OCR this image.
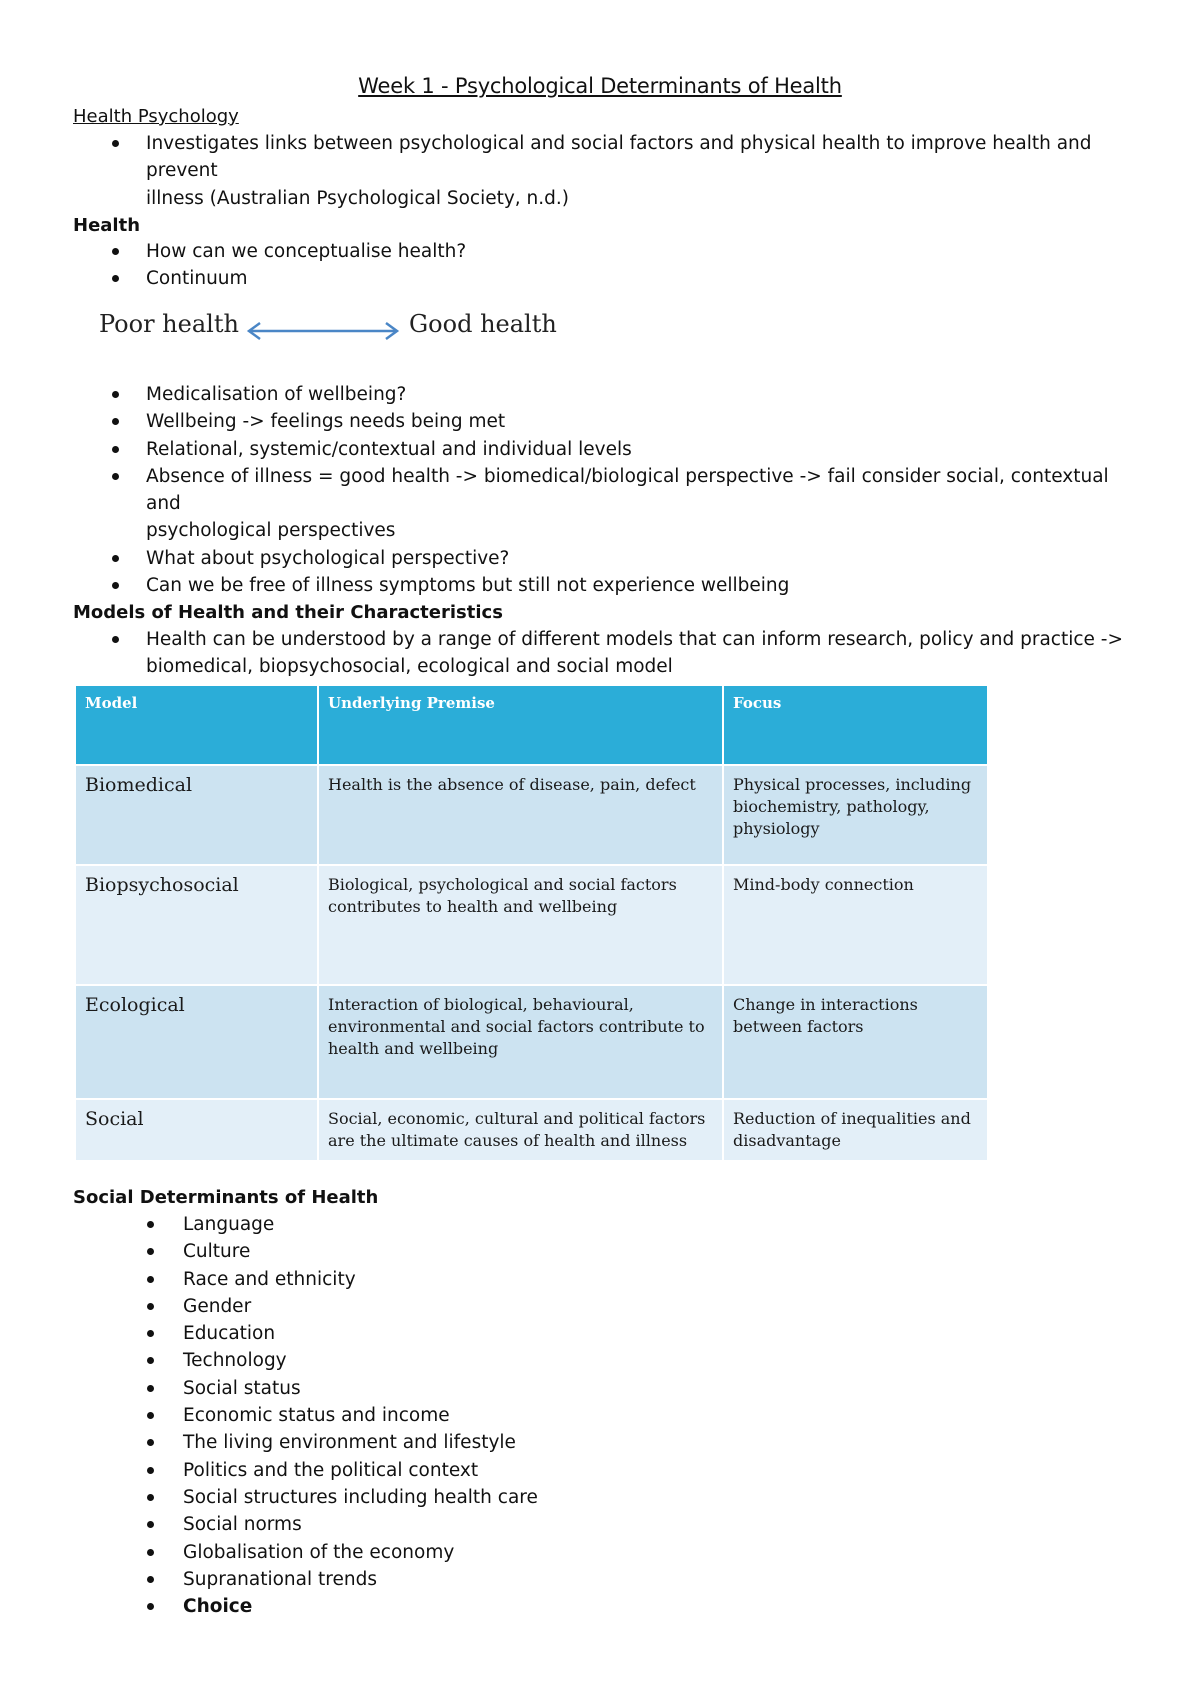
Week 1 - Psychological Determinants of Health
Health Psychology
Investigates links between psychological and social factors and physical health to improve health and prevent
illness (Australian Psychological Society, n.d.)
Health
How can we conceptualise health?
Continuum
Poor health	Good health
Medicalisation of wellbeing?
Wellbeing -> feelings needs being met
Relational, systemic/contextual and individual levels
Absence of illness = good health -> biomedical/biological perspective -> fail consider social, contextual and
psychological perspectives
What about psychological perspective?
Can we be free of illness symptoms but still not experience wellbeing
Models of Health and their Characteristics
Health can be understood by a range of different models that can inform research, policy and practice ->
biomedical, biopsychosocial, ecological and social model
Model	Underlying Premise	Focus
Biomedical	Health is the absence of disease, pain, defect	Physical processes, including biochemistry, pathology, physiology
Biopsychosocial	Biological, psychological and social factors contributes to health and wellbeing	Mind-body connection
Ecological	Interaction of biological, behavioural, environmental and social factors contribute to health and wellbeing	Change in interactions between factors
Social	Social, economic, cultural and political factors are the ultimate causes of health and illness	Reduction of inequalities and disadvantage
Social Determinants of Health
Language
Culture
Race and ethnicity
Gender
Education
Technology
Social status
Economic status and income
The living environment and lifestyle
Politics and the political context
Social structures including health care
Social norms
Globalisation of the economy
Supranational trends
Choice
